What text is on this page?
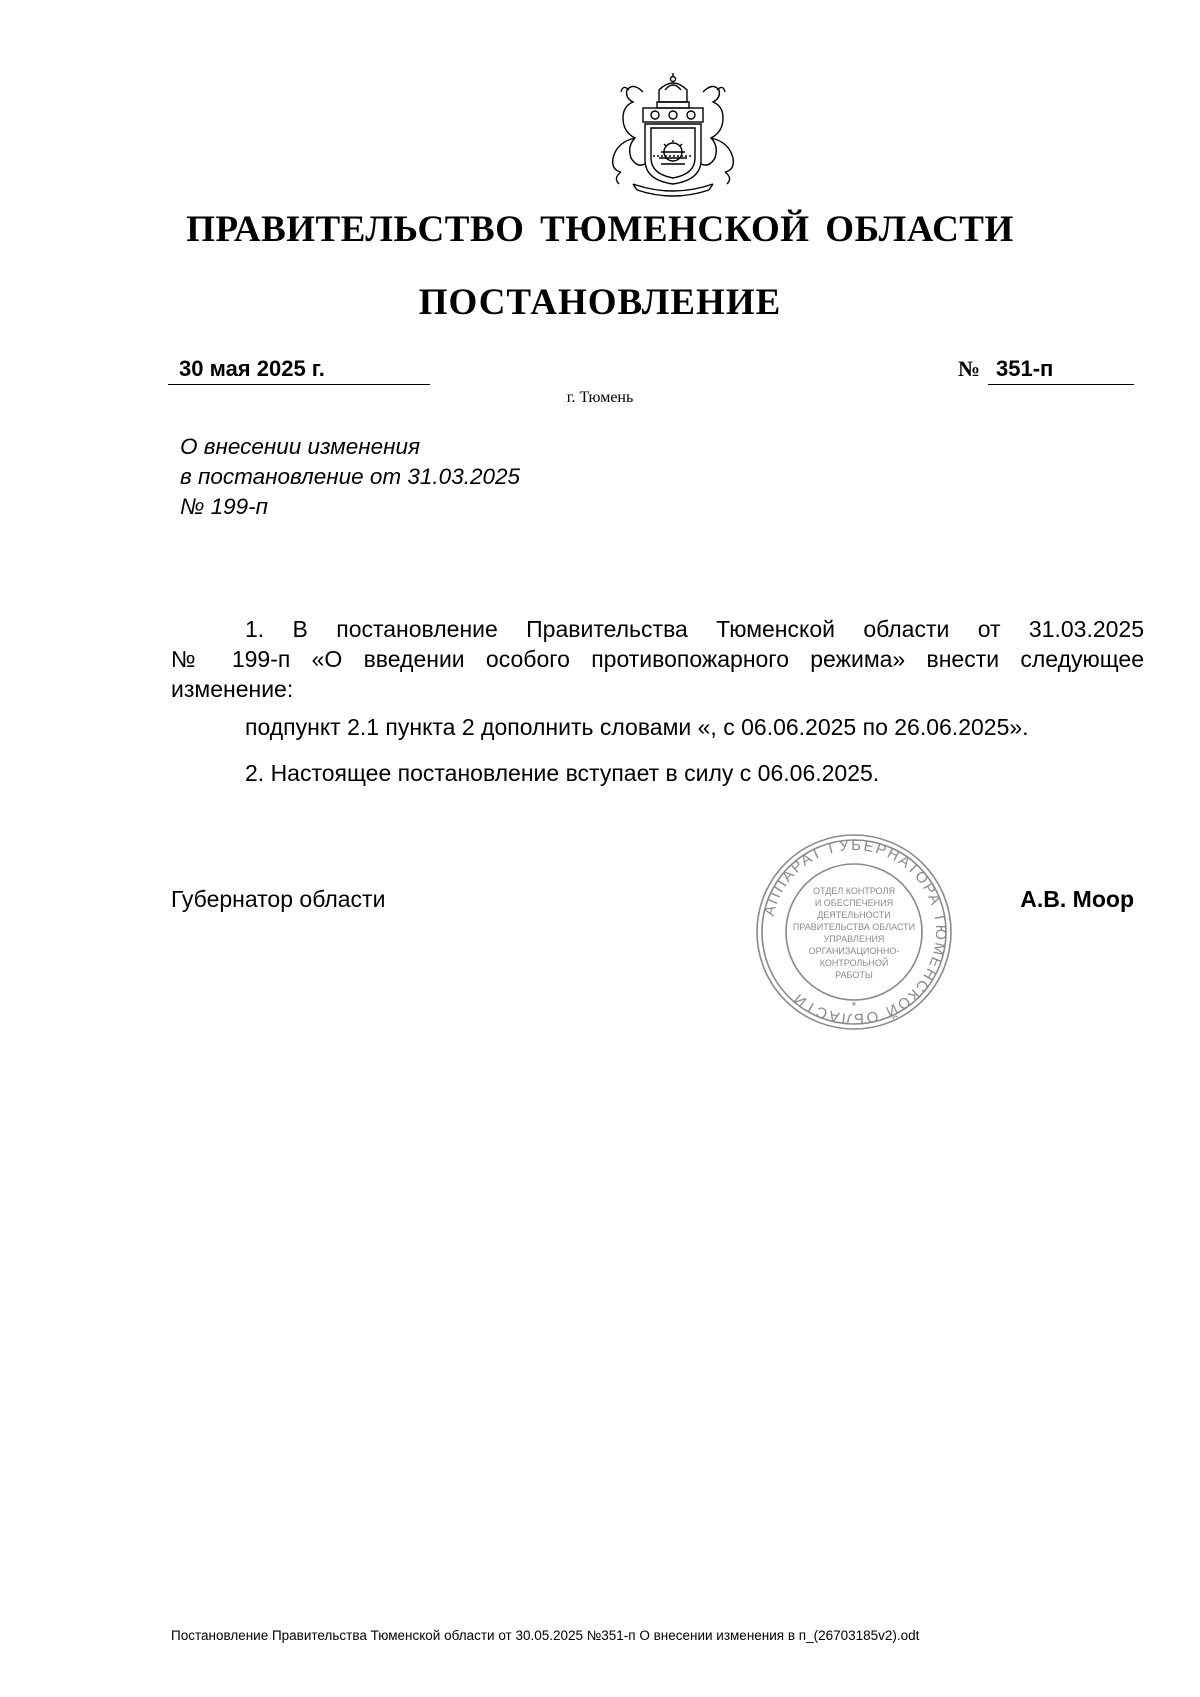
ПРАВИТЕЛЬСТВО ТЮМЕНСКОЙ ОБЛАСТИ
ПОСТАНОВЛЕНИЕ
30 мая 2025 г.	№ 351-п
г. Тюмень
О внесении изменения
в постановление от 31.03.2025
№ 199-п
1. В постановление Правительства Тюменской области от 31.03.2025
№ 199-п «О введении особого противопожарного режима» внести следующее
изменение:
подпункт 2.1 пункта 2 дополнить словами «, с 06.06.2025 по 26.06.2025».
2. Настоящее постановление вступает в силу с 06.06.2025.
Губернатор области	А.В. Моор
АППАРАТ ГУБЕРНАТОРА ТЮМЕНСКОЙ ОБЛАСТИ	*
ОТДЕЛ КОНТРОЛЯ
И ОБЕСПЕЧЕНИЯ
ДЕЯТЕЛЬНОСТИ
ПРАВИТЕЛЬСТВА ОБЛАСТИ
УПРАВЛЕНИЯ
ОРГАНИЗАЦИОННО-
КОНТРОЛЬНОЙ
РАБОТЫ
Постановление Правительства Тюменской области от 30.05.2025 №351-п О внесении изменения в п_(26703185v2).odt
